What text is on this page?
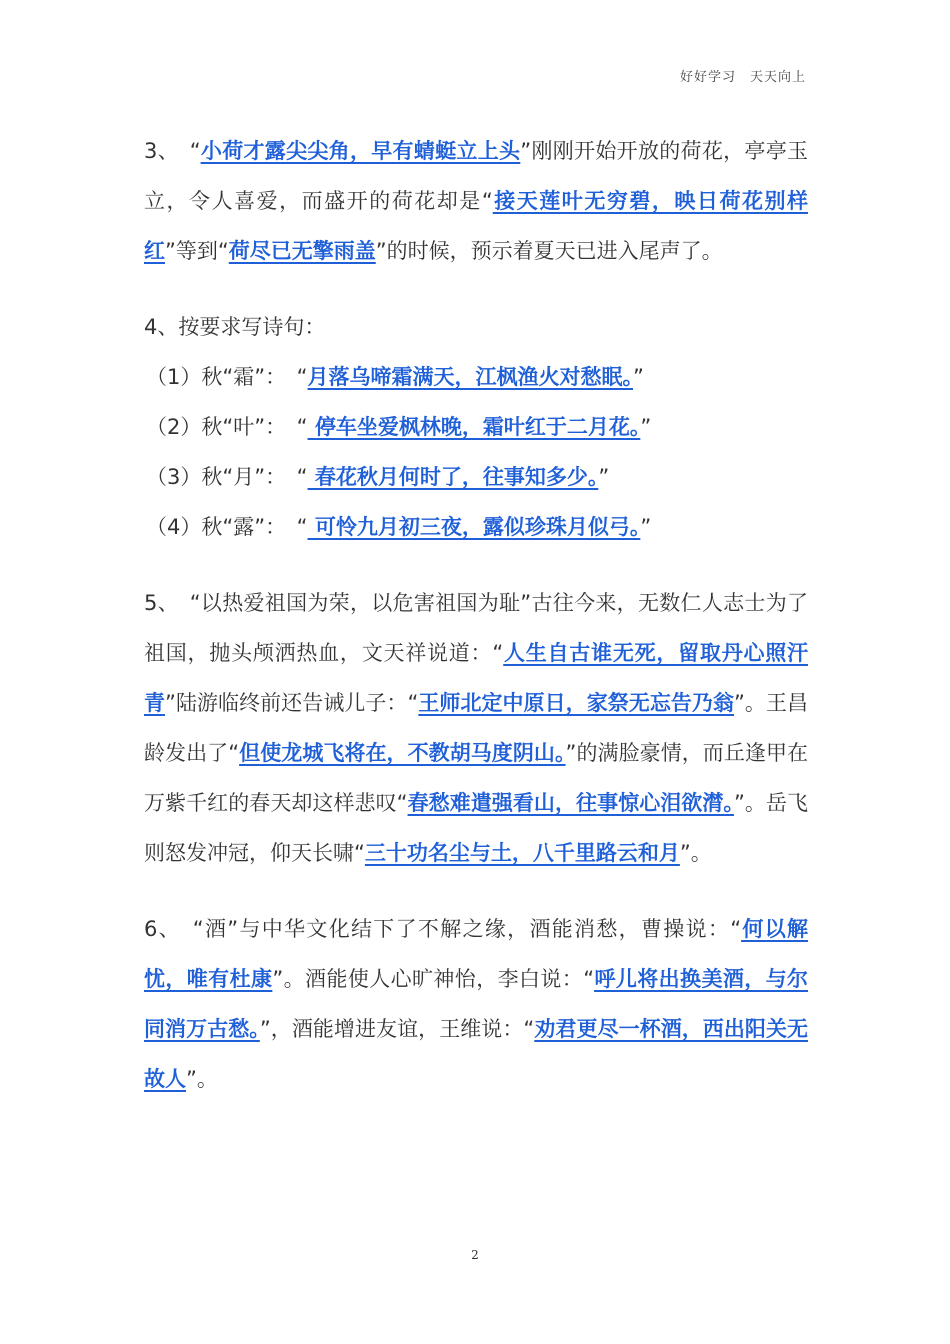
好好学习　天天向上

3、　“小荷才露尖尖角，早有蜻蜓立上头”刚刚开始开放的荷花，亭亭玉立，令人喜爱，而盛开的荷花却是“接天莲叶无穷碧，映日荷花别样红”等到“荷尽已无擎雨盖”的时候，预示着夏天已进入尾声了。

4、按要求写诗句：

（1）秋“霜”：　“月落乌啼霜满天，江枫渔火对愁眠。”

（2）秋“叶”：　“ 停车坐爱枫林晚，霜叶红于二月花。”

（3）秋“月”：　“ 春花秋月何时了，往事知多少。”

（4）秋“露”：　“ 可怜九月初三夜，露似珍珠月似弓。”

5、　 “以热爱祖国为荣，以危害祖国为耻”古往今来，无数仁人志士为了祖国，抛头颅洒热血，文天祥说道：“人生自古谁无死，留取丹心照汗青”陆游临终前还告诫儿子：“王师北定中原日，家祭无忘告乃翁”。王昌龄发出了“但使龙城飞将在，不教胡马度阴山。”的满脸豪情，而丘逢甲在万紫千红的春天却这样悲叹“春愁难遣强看山，往事惊心泪欲潸。”。岳飞则怒发冲冠，仰天长啸“三十功名尘与土，八千里路云和月”。

6、　 “酒”与中华文化结下了不解之缘，酒能消愁，曹操说：“何以解忧，唯有杜康”。酒能使人心旷神怡，李白说：“呼儿将出换美酒，与尔同消万古愁。”，酒能增进友谊，王维说：“劝君更尽一杯酒，西出阳关无故人”。

2
